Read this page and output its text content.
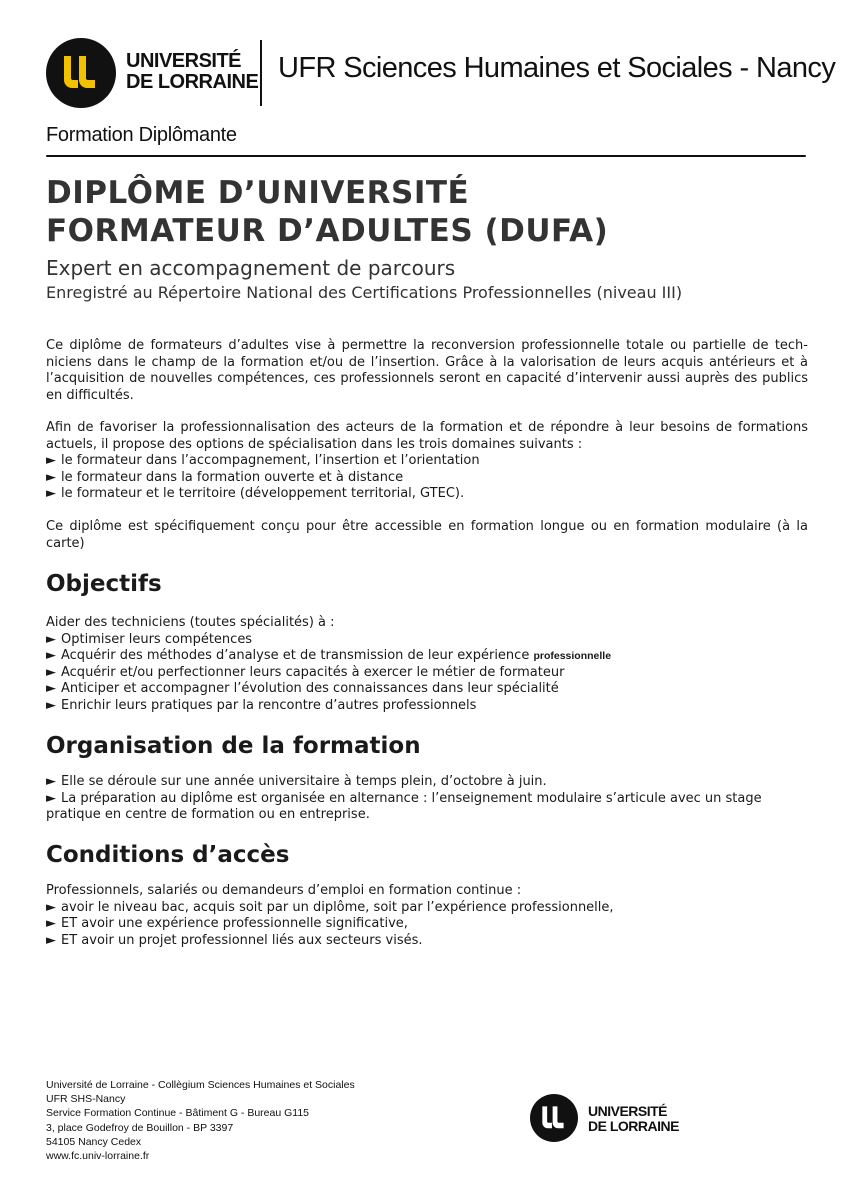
UNIVERSITÉ
DE LORRAINE UFR Sciences Humaines et Sociales - Nancy
Formation Diplômante
DIPLÔME D’UNIVERSITÉ
FORMATEUR D’ADULTES (DUFA)
Expert en accompagnement de parcours
Enregistré au Répertoire National des Certifications Professionnelles (niveau III)

Ce diplôme de formateurs d’adultes vise à permettre la reconversion professionnelle totale ou partielle de tech-niciens dans le champ de la formation et/ou de l’insertion. Grâce à la valorisation de leurs acquis antérieurs et à l’acquisition de nouvelles compétences, ces professionnels seront en capacité d’intervenir aussi auprès des publics en difficultés.

Afin de favoriser la professionnalisation des acteurs de la formation et de répondre à leur besoins de formations actuels, il propose des options de spécialisation dans les trois domaines suivants :

► le formateur dans l’accompagnement, l’insertion et l’orientation
► le formateur dans la formation ouverte et à distance
► le formateur et le territoire (développement territorial, GTEC).

Ce diplôme est spécifiquement conçu pour être accessible en formation longue ou en formation modulaire (à la carte)

Objectifs

Aider des techniciens (toutes spécialités) à :

► Optimiser leurs compétences
► Acquérir des méthodes d’analyse et de transmission de leur expérience professionnelle
► Acquérir et/ou perfectionner leurs capacités à exercer le métier de formateur
► Anticiper et accompagner l’évolution des connaissances dans leur spécialité
► Enrichir leurs pratiques par la rencontre d’autres professionnels
Organisation de la formation
► Elle se déroule sur une année universitaire à temps plein, d’octobre à juin.
► La préparation au diplôme est organisée en alternance : l’enseignement modulaire s’articule avec un stage
pratique en centre de formation ou en entreprise.
Conditions d’accès

Professionnels, salariés ou demandeurs d’emploi en formation continue :

► avoir le niveau bac, acquis soit par un diplôme, soit par l’expérience professionnelle,
► ET avoir une expérience professionnelle significative,
► ET avoir un projet professionnel liés aux secteurs visés.
Université de Lorraine - Collègium Sciences Humaines et Sociales
UFR SHS-Nancy
Service Formation Continue - Bâtiment G - Bureau G115
3, place Godefroy de Bouillon - BP 3397
54105 Nancy Cedex
www.fc.univ-lorraine.fr
UNIVERSITÉ
DE LORRAINE
